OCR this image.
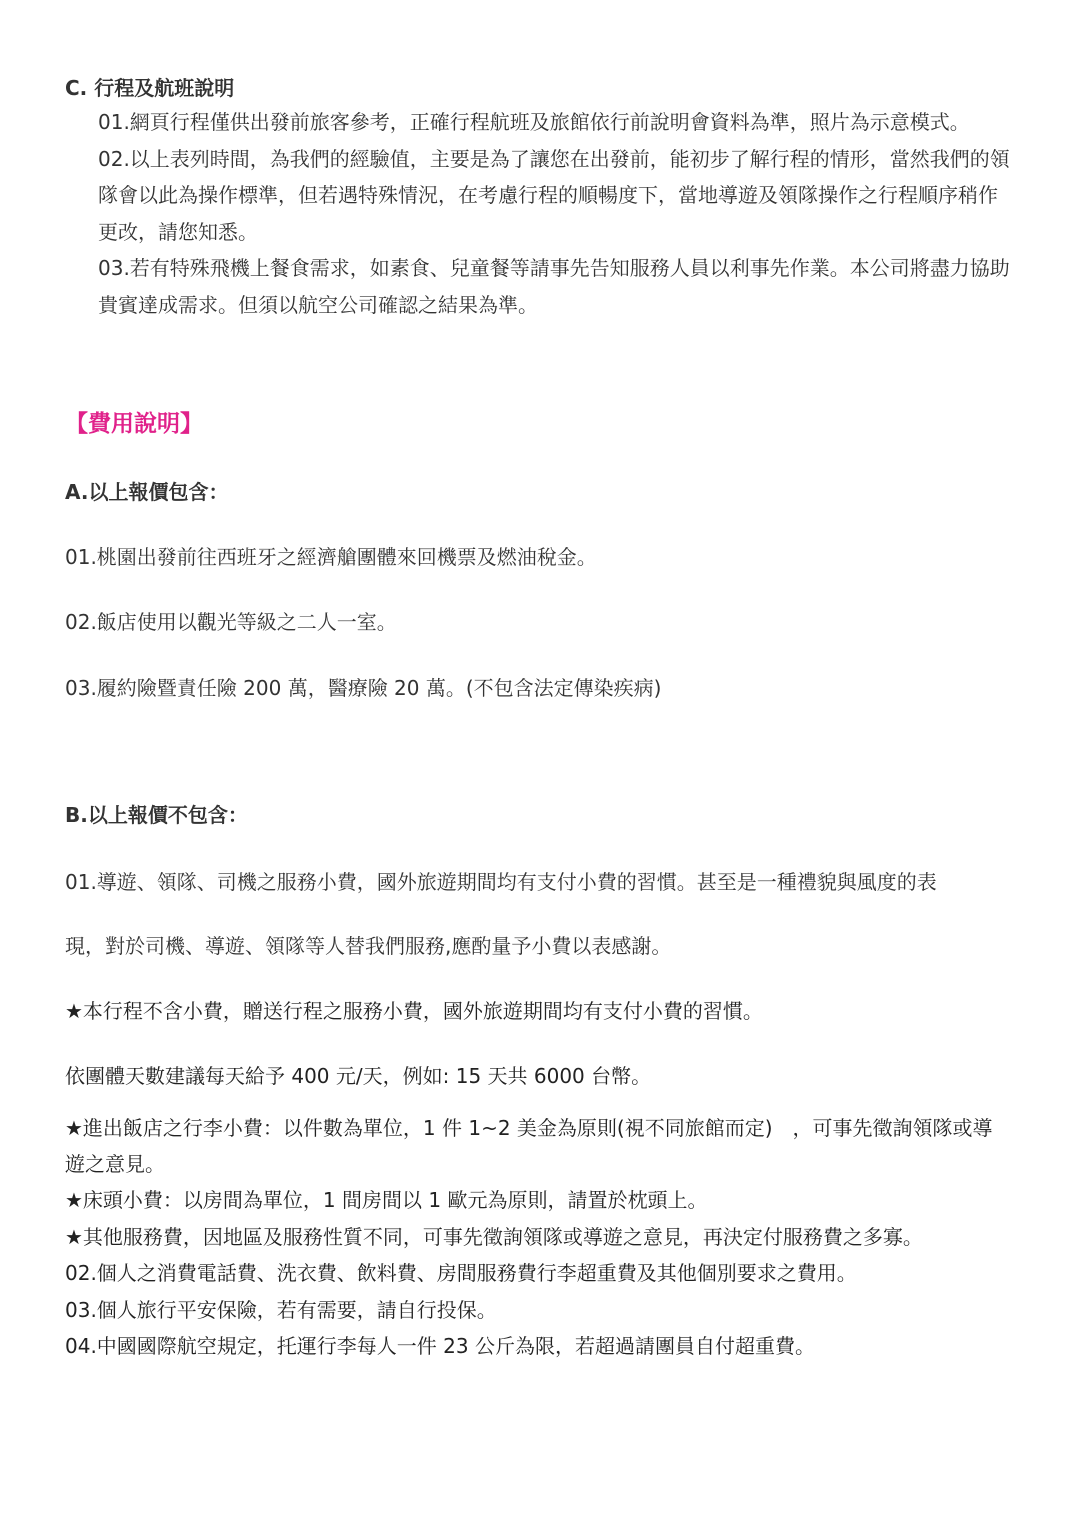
C. 行程及航班說明

01.網頁行程僅供出發前旅客參考，正確行程航班及旅館依行前說明會資料為準，照片為示意模式。

02.以上表列時間，為我們的經驗值，主要是為了讓您在出發前，能初步了解行程的情形，當然我們的領隊會以此為操作標準，但若遇特殊情況，在考慮行程的順暢度下，當地導遊及領隊操作之行程順序稍作更改，請您知悉。

03.若有特殊飛機上餐食需求，如素食、兒童餐等請事先告知服務人員以利事先作業。本公司將盡力協助貴賓達成需求。但須以航空公司確認之結果為準。

【費用說明】
A.以上報價包含：
01.桃園出發前往西班牙之經濟艙團體來回機票及燃油稅金。
02.飯店使用以觀光等級之二人一室。
03.履約險暨責任險 200 萬，醫療險 20 萬。(不包含法定傳染疾病)
B.以上報價不包含：
01.導遊、領隊、司機之服務小費，國外旅遊期間均有支付小費的習慣。甚至是一種禮貌與風度的表
現，對於司機、導遊、領隊等人替我們服務,應酌量予小費以表感謝。
★本行程不含小費，贈送行程之服務小費，國外旅遊期間均有支付小費的習慣。
依團體天數建議每天給予 400 元/天，例如: 15 天共 6000 台幣。

★進出飯店之行李小費：以件數為單位，1 件 1~2 美金為原則(視不同旅館而定)　，可事先徵詢領隊或導遊之意見。

★床頭小費：以房間為單位，1 間房間以 1 歐元為原則，請置於枕頭上。

★其他服務費，因地區及服務性質不同，可事先徵詢領隊或導遊之意見，再決定付服務費之多寡。

02.個人之消費電話費、洗衣費、飲料費、房間服務費行李超重費及其他個別要求之費用。

03.個人旅行平安保險，若有需要，請自行投保。

04.中國國際航空規定，托運行李每人一件 23 公斤為限，若超過請團員自付超重費。
